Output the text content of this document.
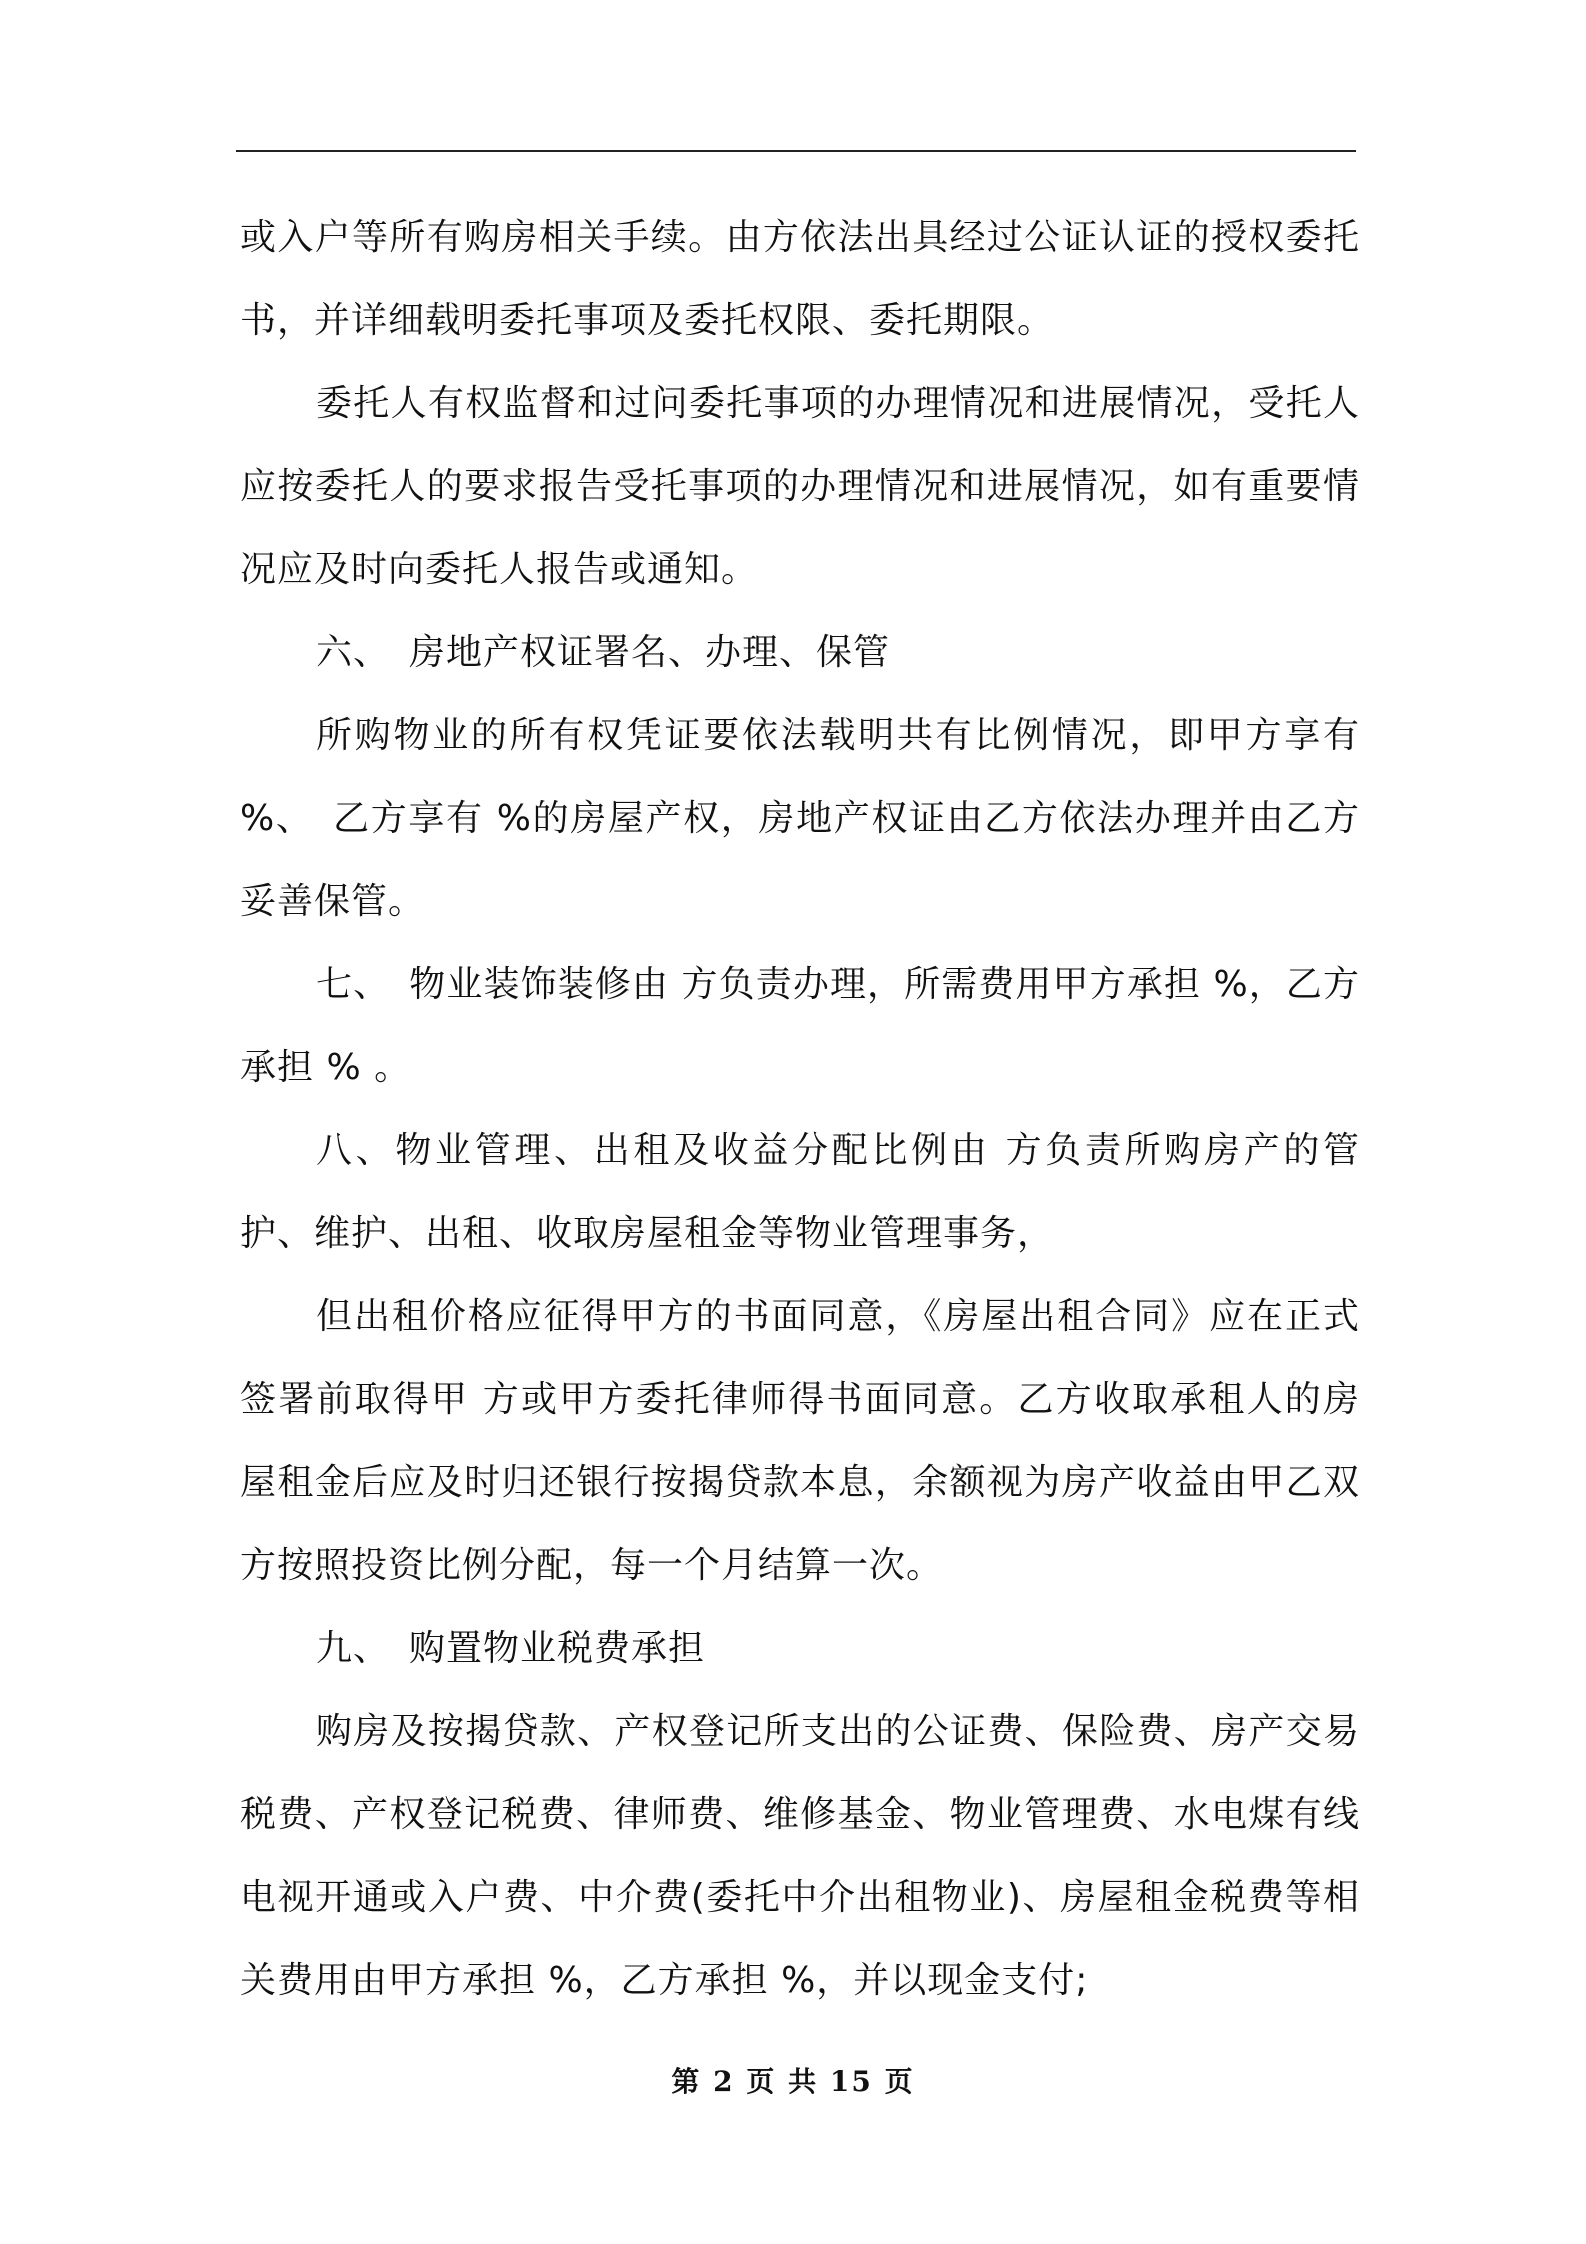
或入户等所有购房相关手续。由方依法出具经过公证认证的授权委托书，并详细载明委托事项及委托权限、委托期限。

委托人有权监督和过问委托事项的办理情况和进展情况，受托人应按委托人的要求报告受托事项的办理情况和进展情况，如有重要情况应及时向委托人报告或通知。

六、　房地产权证署名、办理、保管

所购物业的所有权凭证要依法载明共有比例情况，即甲方享有 %、　乙方享有 %的房屋产权，房地产权证由乙方依法办理并由乙方妥善保管。

七、　物业装饰装修由 方负责办理，所需费用甲方承担 %，乙方承担 % 。

八、物业管理、出租及收益分配比例由 方负责所购房产的管护、维护、出租、收取房屋租金等物业管理事务，

但出租价格应征得甲方的书面同意，《房屋出租合同》应在正式签署前取得甲 方或甲方委托律师得书面同意。乙方收取承租人的房屋租金后应及时归还银行按揭贷款本息，余额视为房产收益由甲乙双方按照投资比例分配，每一个月结算一次。

九、　购置物业税费承担

购房及按揭贷款、产权登记所支出的公证费、保险费、房产交易税费、产权登记税费、律师费、维修基金、物业管理费、水电煤有线电视开通或入户费、中介费(委托中介出租物业)、房屋租金税费等相关费用由甲方承担 %，乙方承担 %，并以现金支付;

第 2 页 共 15 页
